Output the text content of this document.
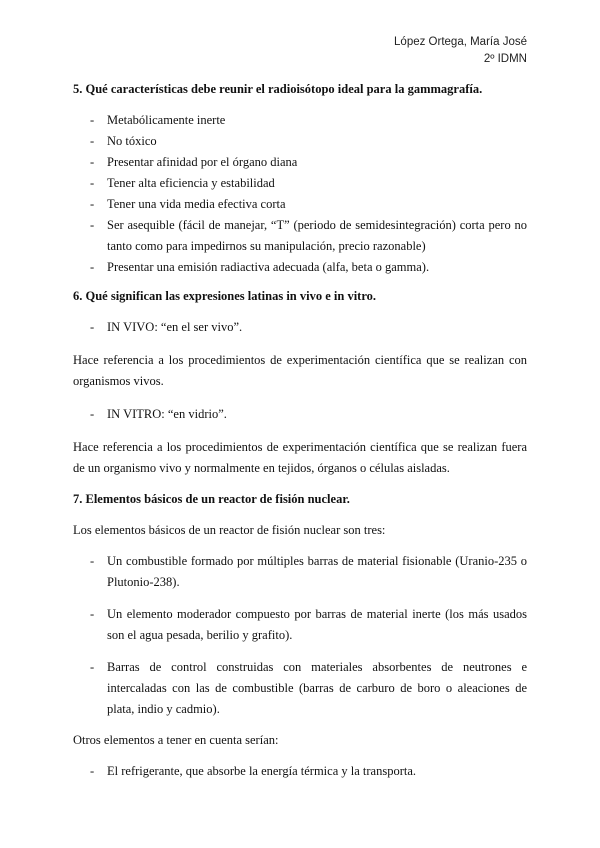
López Ortega, María José
2º IDMN
5. Qué características debe reunir el radioisótopo ideal para la gammagrafía.
- Metabólicamente inerte
- No tóxico
- Presentar afinidad por el órgano diana
- Tener alta eficiencia y estabilidad
- Tener una vida media efectiva corta
- Ser asequible (fácil de manejar, “T” (periodo de semidesintegración) corta pero no tanto como para impedirnos su manipulación, precio razonable)
- Presentar una emisión radiactiva adecuada (alfa, beta o gamma).
6. Qué significan las expresiones latinas in vivo e in vitro.
- IN VIVO: “en el ser vivo”.

Hace referencia a los procedimientos de experimentación científica que se realizan con organismos vivos.

- IN VITRO: “en vidrio”.

Hace referencia a los procedimientos de experimentación científica que se realizan fuera de un organismo vivo y normalmente en tejidos, órganos o células aisladas.

7. Elementos básicos de un reactor de fisión nuclear.

Los elementos básicos de un reactor de fisión nuclear son tres:

- Un combustible formado por múltiples barras de material fisionable (Uranio-235 o Plutonio-238).
- Un elemento moderador compuesto por barras de material inerte (los más usados son el agua pesada, berilio y grafito).
- Barras de control construidas con materiales absorbentes de neutrones e intercaladas con las de combustible (barras de carburo de boro o aleaciones de plata, indio y cadmio).

Otros elementos a tener en cuenta serían:

- El refrigerante, que absorbe la energía térmica y la transporta.
